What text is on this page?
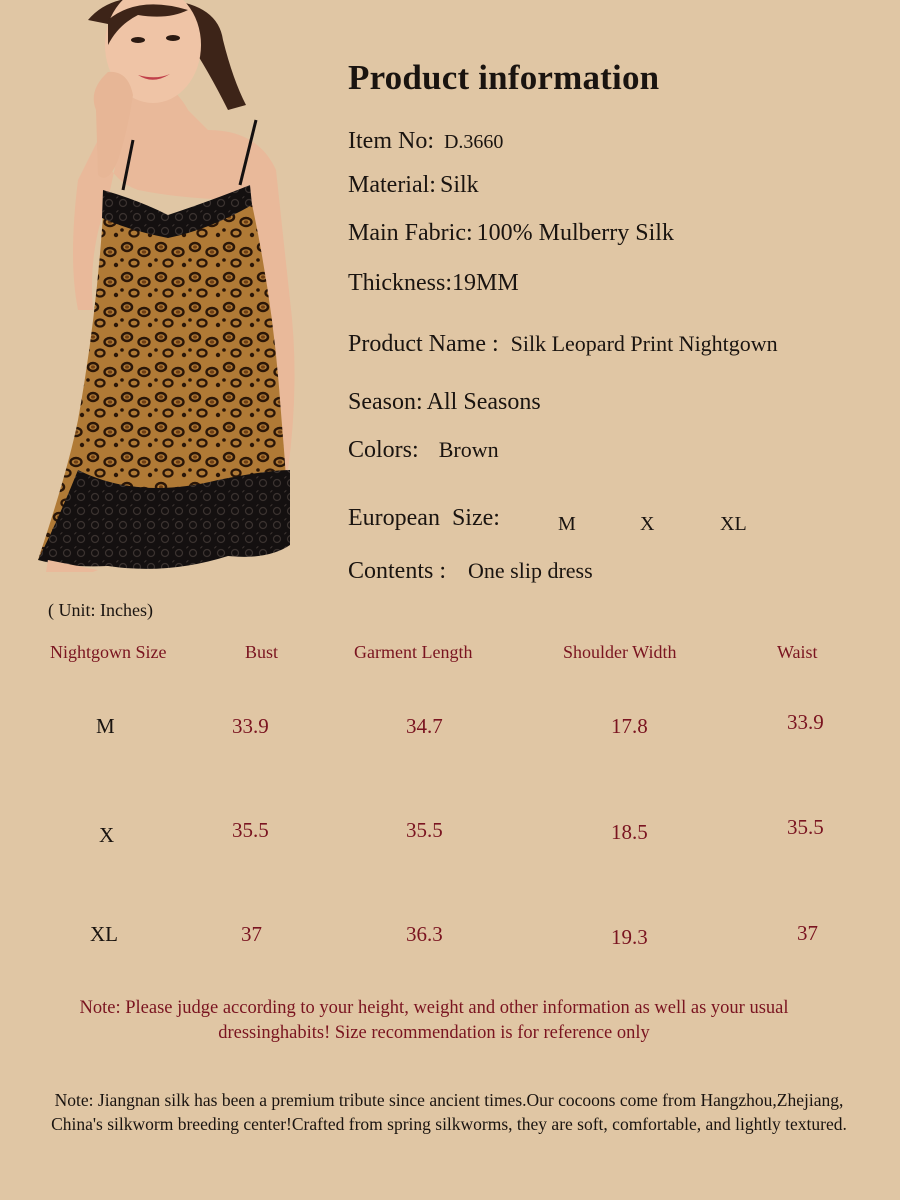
Product information
Item No: D.3660
Material: Silk
Main Fabric: 100% Mulberry Silk
Thickness:19MM
Product Name : Silk Leopard Print Nightgown
Season: All Seasons
Colors: Brown
European  Size:	M	X	XL
Contents : One slip dress
( Unit: Inches)
Nightgown Size	Bust	Garment Length	Shoulder Width	Waist
M	33.9	34.7	17.8	33.9
X	35.5	35.5	18.5	35.5
XL	37	36.3	19.3	37
Note: Please judge according to your height, weight and other information as well as your usual dressinghabits! Size recommendation is for reference only
Note: Jiangnan silk has been a premium tribute since ancient times.Our cocoons come from Hangzhou,Zhejiang, China's silkworm breeding center!Crafted from spring silkworms, they are soft, comfortable, and lightly textured.
